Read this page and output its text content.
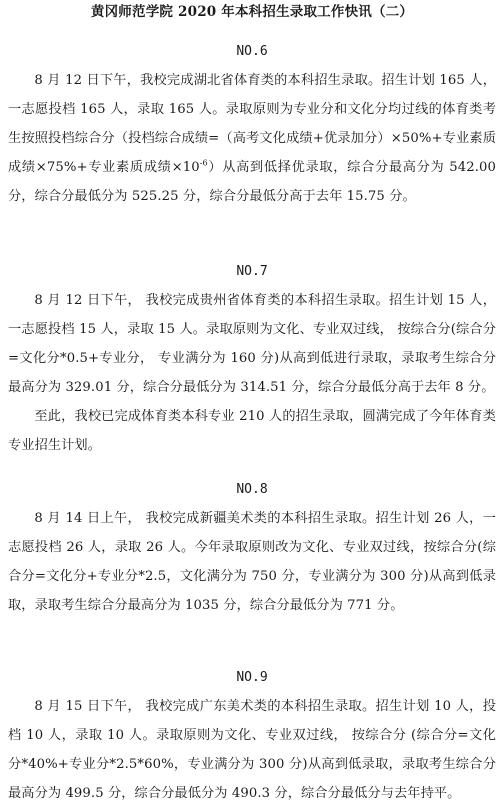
黄冈师范学院 2020 年本科招生录取工作快讯（二）
NO.6

8 月 12 日下午，我校完成湖北省体育类的本科招生录取。招生计划 165 人，一志愿投档 165 人，录取 165 人。录取原则为专业分和文化分均过线的体育类考生按照投档综合分（投档综合成绩=（高考文化成绩+优录加分）×50%+专业素质成绩×75%+专业素质成绩$\times 10^{-6}$）从高到低择优录取，综合分最高分为 542.00 分，综合分最低分为 525.25 分，综合分最低分高于去年 15.75 分。

NO.7

8 月 12 日下午， 我校完成贵州省体育类的本科招生录取。招生计划 15 人，一志愿投档 15 人，录取 15 人。录取原则为文化、专业双过线， 按综合分(综合分=文化分*0.5+专业分， 专业满分为 160 分)从高到低进行录取，录取考生综合分最高分为 329.01 分，综合分最低分为 314.51 分，综合分最低分高于去年 8 分。

至此，我校已完成体育类本科专业 210 人的招生录取，圆满完成了今年体育类专业招生计划。

NO.8

8 月 14 日上午， 我校完成新疆美术类的本科招生录取。招生计划 26 人，一志愿投档 26 人，录取 26 人。今年录取原则改为文化、专业双过线，按综合分(综合分=文化分+专业分*2.5，文化满分为 750 分，专业满分为 300 分)从高到低录取，录取考生综合分最高分为 1035 分，综合分最低分为 771 分。

NO.9

8 月 15 日下午， 我校完成广东美术类的本科招生录取。招生计划 10 人，投档 10 人，录取 10 人。录取原则为文化、专业双过线， 按综合分 (综合分=文化分*40%+专业分*2.5*60%，专业满分为 300 分)从高到低录取，录取考生综合分最高分为 499.5 分，综合分最低分为 490.3 分，综合分最低分与去年持平。
